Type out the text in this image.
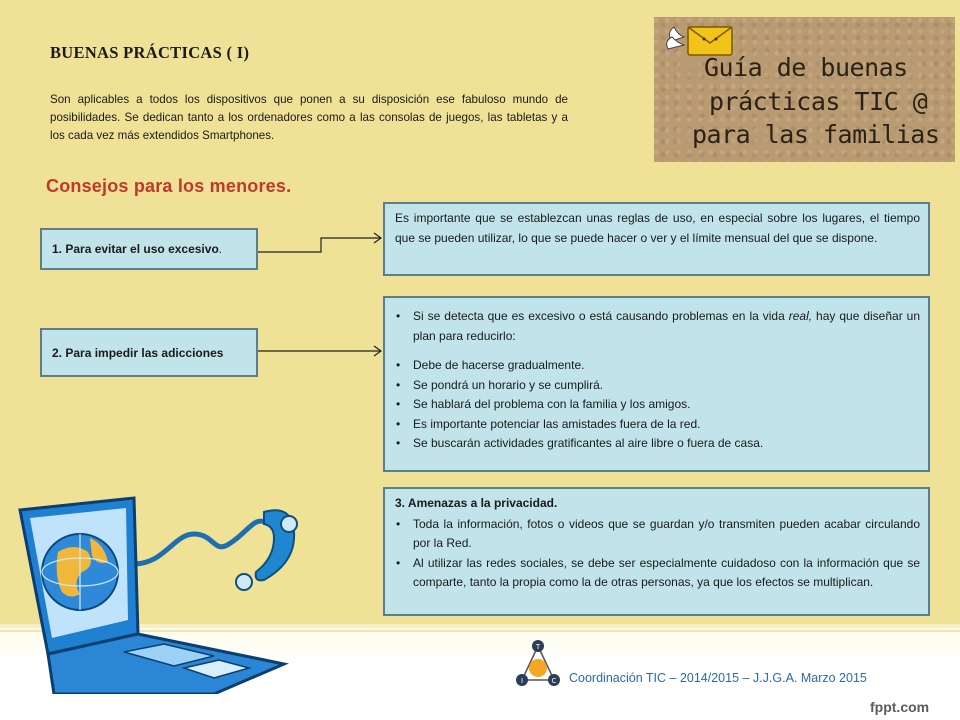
BUENAS PRÁCTICAS ( I)

Son aplicables a todos los dispositivos que ponen a su disposición ese fabuloso mundo de posibilidades. Se dedican tanto a los ordenadores como a las consolas de juegos, las tabletas y a los cada vez más extendidos Smartphones.

Guía de buenas
prácticas TIC @
para las familias
Consejos para los menores.
1. Para evitar el uso excesivo .
2. Para impedir las adicciones
Es importante que se establezcan unas reglas de uso, en especial sobre los lugares, el tiempo que se pueden utilizar, lo que se puede hacer o ver y el límite mensual del que se dispone.
• Si se detecta que es excesivo o está causando problemas en la vida real, hay que diseñar un plan para reducirlo:
• Debe de hacerse gradualmente.
• Se pondrá un horario y se cumplirá.
• Se hablará del problema con la familia y los amigos.
• Es importante potenciar las amistades fuera de la red.
• Se buscarán actividades gratificantes al aire libre o fuera de casa.
3. Amenazas a la privacidad.
• Toda la información, fotos o videos que se guardan y/o transmiten pueden acabar circulando por la Red.
• Al utilizar las redes sociales, se debe ser especialmente cuidadoso con la información que se comparte, tanto la propia como la de otras personas, ya que los efectos se multiplican.
T
I	C Coordinación TIC – 2014/2015 – J.J.G.A. Marzo 2015
fppt.com
